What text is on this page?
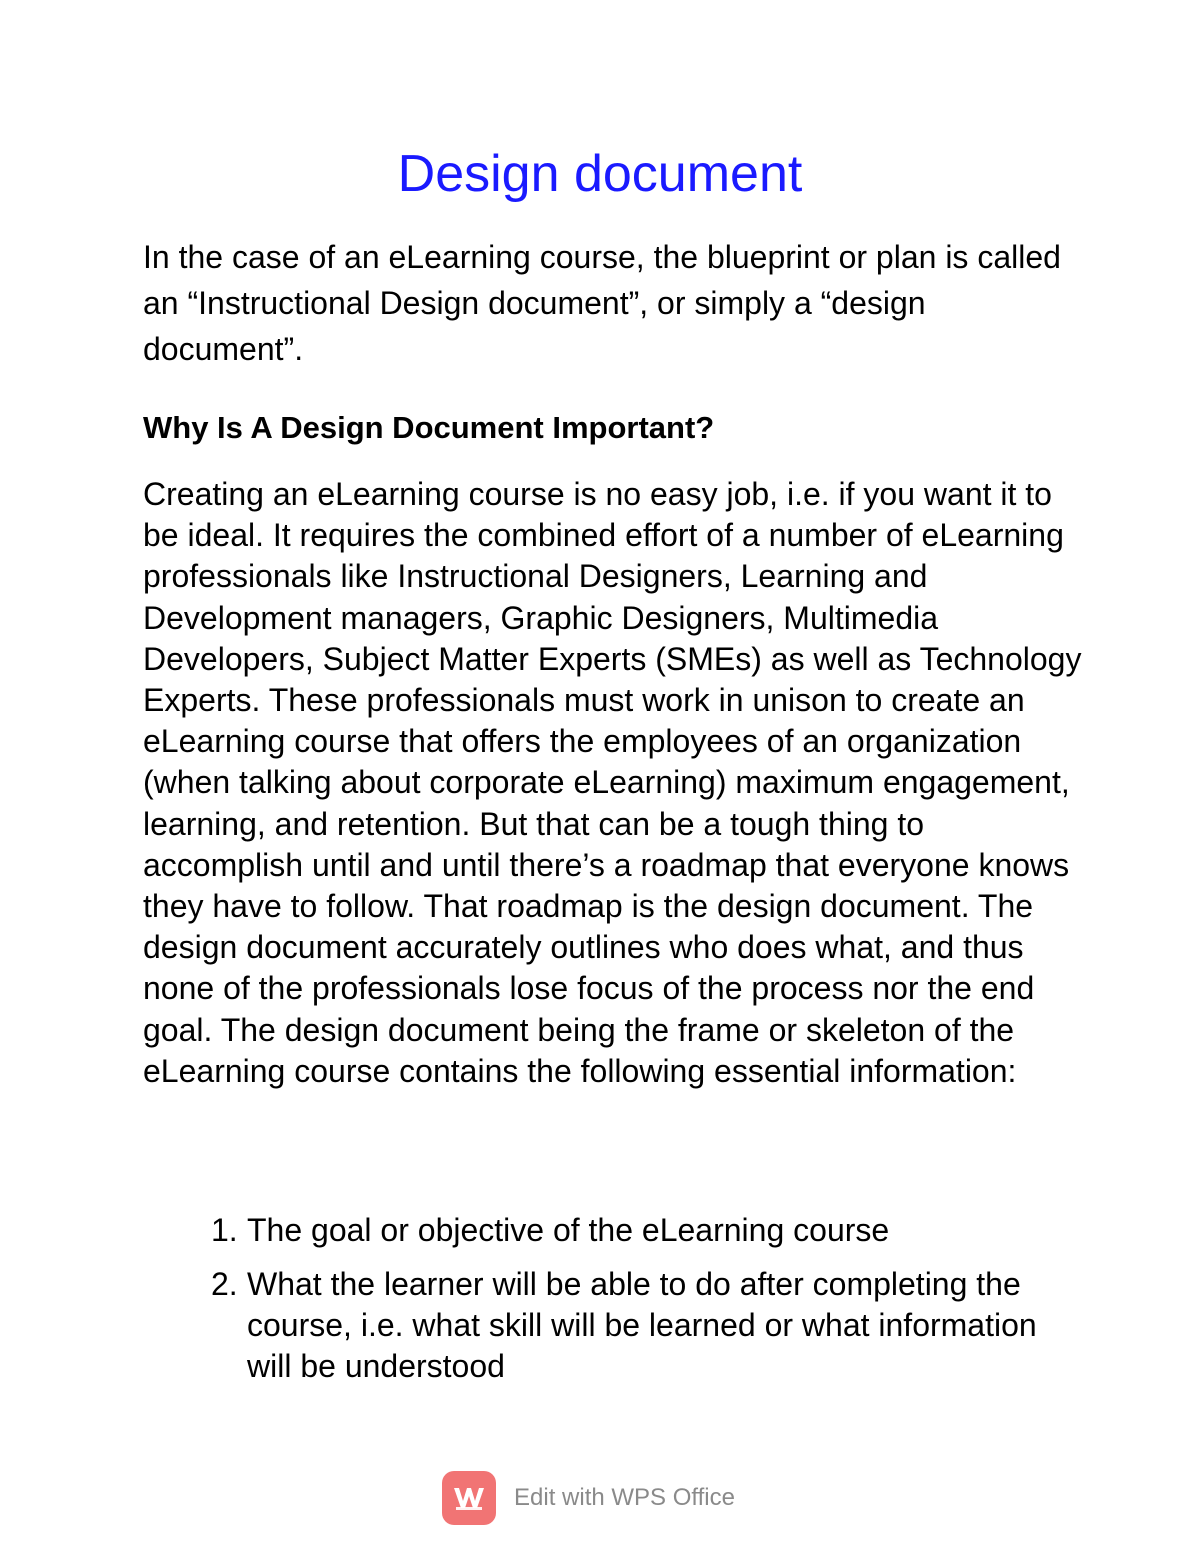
Design document

In the case of an eLearning course, the blueprint or plan is called an “Instructional Design document”, or simply a “design document”.

Why Is A Design Document Important?

Creating an eLearning course is no easy job, i.e. if you want it to be ideal. It requires the combined effort of a number of eLearning professionals like Instructional Designers, Learning and Development managers, Graphic Designers, Multimedia Developers, Subject Matter Experts (SMEs) as well as Technology Experts. These professionals must work in unison to create an eLearning course that offers the employees of an organization (when talking about corporate eLearning) maximum engagement, learning, and retention. But that can be a tough thing to accomplish until and until there’s a roadmap that everyone knows they have to follow. That roadmap is the design document. The design document accurately outlines who does what, and thus none of the professionals lose focus of the process nor the end goal. The design document being the frame or skeleton of the eLearning course contains the following essential information:

1. The goal or objective of the eLearning course
2. What the learner will be able to do after completing the course, i.e. what skill will be learned or what information will be understood
Edit with WPS Office
